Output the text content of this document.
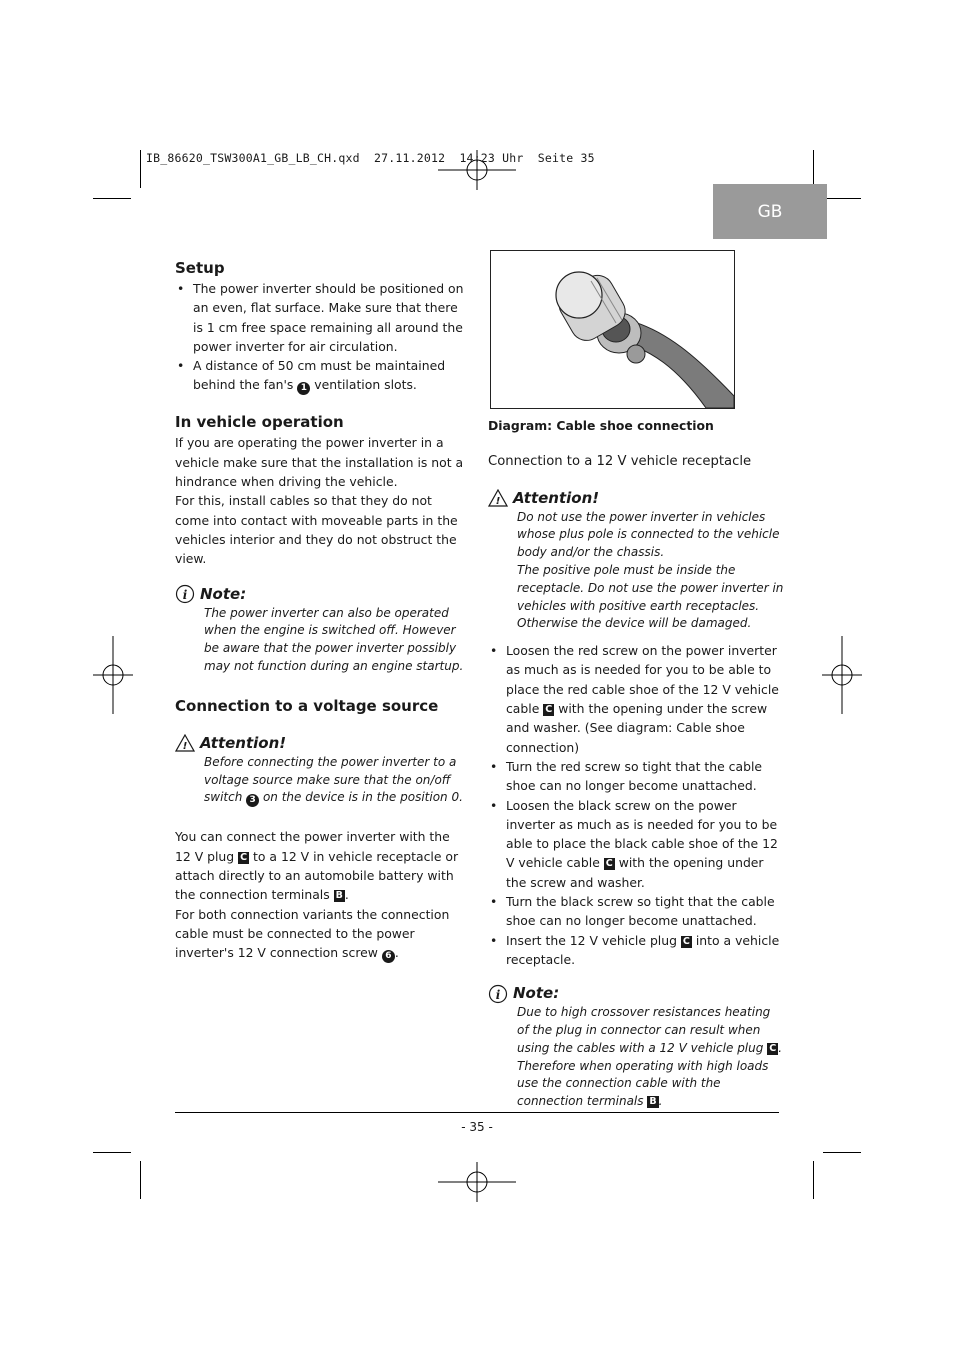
IB_86620_TSW300A1_GB_LB_CH.qxd  27.11.2012  14:23 Uhr  Seite 35
GB
Setup
• The power inverter should be positioned on an even, flat surface. Make sure that there is 1 cm free space remaining all around the power inverter for air circulation.
• A distance of 50 cm must be maintained behind the fan's 1 ventilation slots.
In vehicle operation

If you are operating the power inverter in a vehicle make sure that the installation is not a hindrance when driving the vehicle.

For this, install cables so that they do not come into contact with moveable parts in the vehicles interior and they do not obstruct the view.

i Note:

The power inverter can also be operated when the engine is switched off. However be aware that the power inverter possibly may not function during an engine startup.

Connection to a voltage source
! Attention!

Before connecting the power inverter to a voltage source make sure that the on/off switch 3 on the device is in the position 0.

You can connect the power inverter with the 12 V plug C to a 12 V in vehicle receptacle or attach directly to an automobile battery with the connection terminals B .

For both connection variants the connection cable must be connected to the power inverter's 12 V connection screw 6 .

Diagram: Cable shoe connection

Connection to a 12 V vehicle receptacle

! Attention!

Do not use the power inverter in vehicles whose plus pole is connected to the vehicle body and/or the chassis.

The positive pole must be inside the receptacle. Do not use the power inverter in vehicles with positive earth receptacles. Otherwise the device will be damaged.

• Loosen the red screw on the power inverter as much as is needed for you to be able to place the red cable shoe of the 12 V vehicle cable C with the opening under the screw and washer. (See diagram: Cable shoe connection)
• Turn the red screw so tight that the cable shoe can no longer become unattached.
• Loosen the black screw on the power inverter as much as is needed for you to be able to place the black cable shoe of the 12 V vehicle cable C with the opening under the screw and washer.
• Turn the black screw so tight that the cable shoe can no longer become unattached.
• Insert the 12 V vehicle plug C into a vehicle receptacle.
i Note:

Due to high crossover resistances heating of the plug in connector can result when using the cables with a 12 V vehicle plug C . Therefore when operating with high loads use the connection cable with the connection terminals B .

- 35 -
